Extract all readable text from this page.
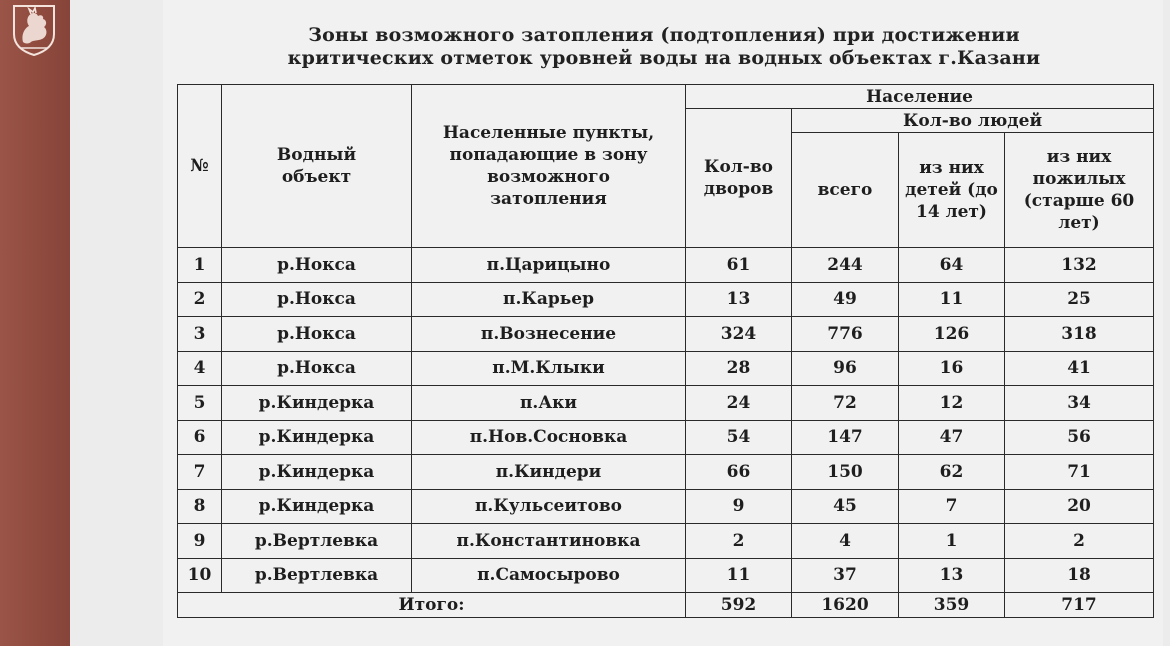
Зоны возможного затопления (подтопления) при достижении
критических отметок уровней воды на водных объектах г.Казани
№	Водный объект	Населенные пункты, попадающие в зону возможного затопления	Население			
			Кол-во дворов	Кол-во людей		
				всего	из них детей (до 14 лет)	из них пожилых (старше 60 лет)
1	р.Нокса	п.Царицыно	61	244	64	132
2	р.Нокса	п.Карьер	13	49	11	25
3	р.Нокса	п.Вознесение	324	776	126	318
4	р.Нокса	п.М.Клыки	28	96	16	41
5	р.Киндерка	п.Аки	24	72	12	34
6	р.Киндерка	п.Нов.Сосновка	54	147	47	56
7	р.Киндерка	п.Киндери	66	150	62	71
8	р.Киндерка	п.Кульсеитово	9	45	7	20
9	р.Вертлевка	п.Константиновка	2	4	1	2
10	р.Вертлевка	п.Самосырово	11	37	13	18
Итого:			592	1620	359	717
